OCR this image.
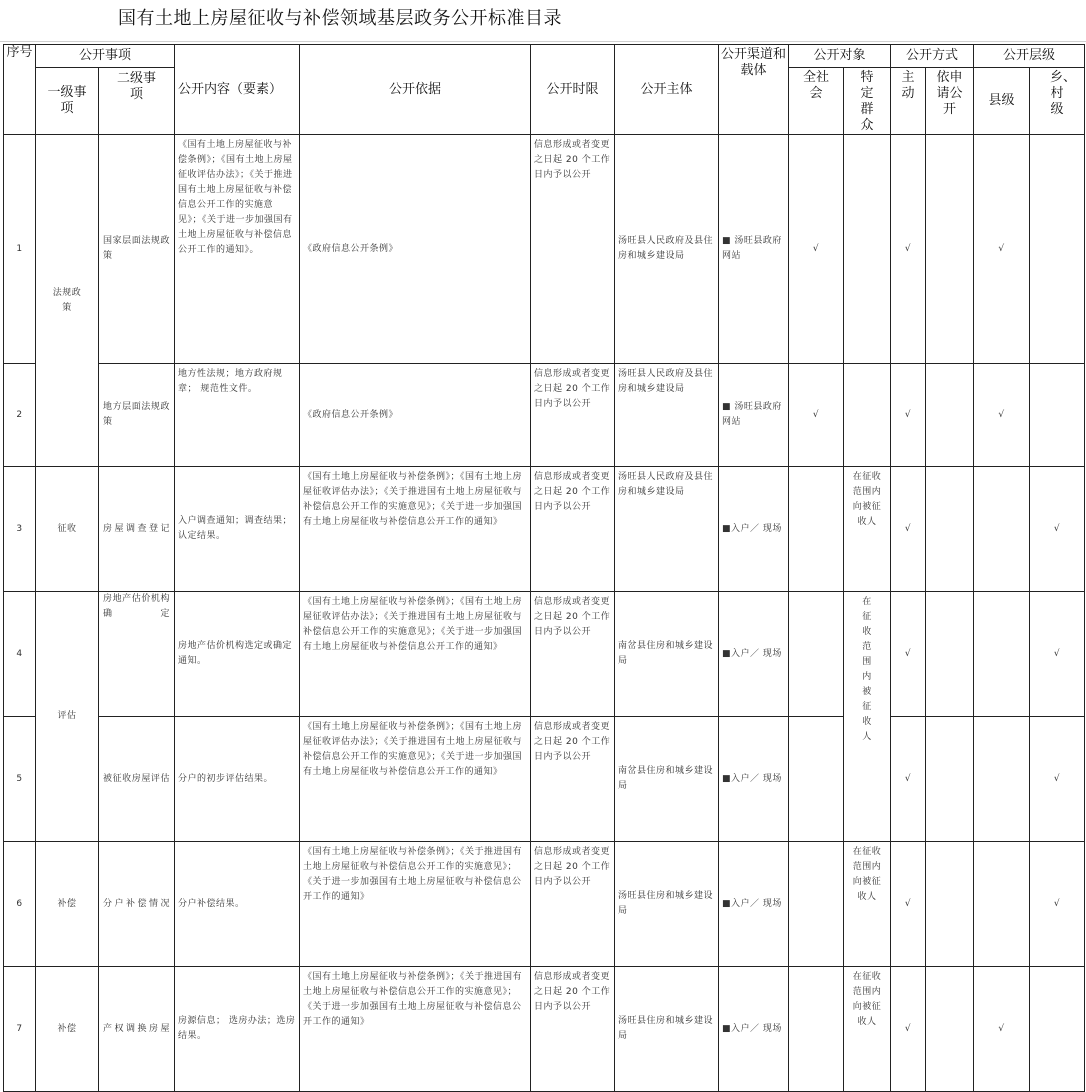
国有土地上房屋征收与补偿领域基层政务公开标准目录
序号	公开事项		公开内容（要素）	公开依据	公开时限	公开主体	公开渠道和载体	公开对象		公开方式		公开层级	
	一级事项	二级事项						全社会	特定群众	主动	依申请公开	县级	乡、村级
1	法规政策	国家层面法规政策	《国有土地上房屋征收与补偿条例》；《国有土地上房屋征收评估办法》；《关于推进国有土地上房屋征收与补偿信息公开工作的实施意见》；《关于进一步加强国有土地上房屋征收与补偿信息公开工作的通知》。	《政府信息公开条例》	信息形成或者变更之日起 20 个工作日内予以公开	汤旺县人民政府及县住房和城乡建设局	■ 汤旺县政府网站	√		√		√	
2		地方层面法规政策	地方性法规；地方政府规章； 规范性文件。	《政府信息公开条例》	信息形成或者变更之日起 20 个工作日内予以公开	汤旺县人民政府及县住房和城乡建设局	■ 汤旺县政府网站	√		√		√	
3	征收	房屋调查登记	入户调查通知；调查结果；认定结果。	《国有土地上房屋征收与补偿条例》；《国有土地上房屋征收评估办法》；《关于推进国有土地上房屋征收与补偿信息公开工作的实施意见》；《关于进一步加强国有土地上房屋征收与补偿信息公开工作的通知》	信息形成或者变更之日起 20 个工作日内予以公开	汤旺县人民政府及县住房和城乡建设局	■入户／ 现场		在征收范围内向被征收人	√			√
4	评估	房地产估价机构确定	房地产估价机构选定或确定通知。	《国有土地上房屋征收与补偿条例》；《国有土地上房屋征收评估办法》；《关于推进国有土地上房屋征收与补偿信息公开工作的实施意见》；《关于进一步加强国有土地上房屋征收与补偿信息公开工作的通知》	信息形成或者变更之日起 20 个工作日内予以公开	南岔县住房和城乡建设局	■入户／ 现场		在征收范围内被征收人	√			√
5		被征收房屋评估	分户的初步评估结果。	《国有土地上房屋征收与补偿条例》；《国有土地上房屋征收评估办法》；《关于推进国有土地上房屋征收与补偿信息公开工作的实施意见》；《关于进一步加强国有土地上房屋征收与补偿信息公开工作的通知》	信息形成或者变更之日起 20 个工作日内予以公开	南岔县住房和城乡建设局	■入户／ 现场			√			√
6	补偿	分户补偿情况	分户补偿结果。	《国有土地上房屋征收与补偿条例》；《关于推进国有土地上房屋征收与补偿信息公开工作的实施意见》；《关于进一步加强国有土地上房屋征收与补偿信息公开工作的通知》	信息形成或者变更之日起 20 个工作日内予以公开	汤旺县住房和城乡建设局	■入户／ 现场		在征收范围内向被征收人	√			√
7	补偿	产权调换房屋	房源信息； 选房办法；选房结果。	《国有土地上房屋征收与补偿条例》；《关于推进国有土地上房屋征收与补偿信息公开工作的实施意见》；《关于进一步加强国有土地上房屋征收与补偿信息公开工作的通知》	信息形成或者变更之日起 20 个工作日内予以公开	汤旺县住房和城乡建设局	■入户／ 现场		在征收范围内向被征收人	√		√	
